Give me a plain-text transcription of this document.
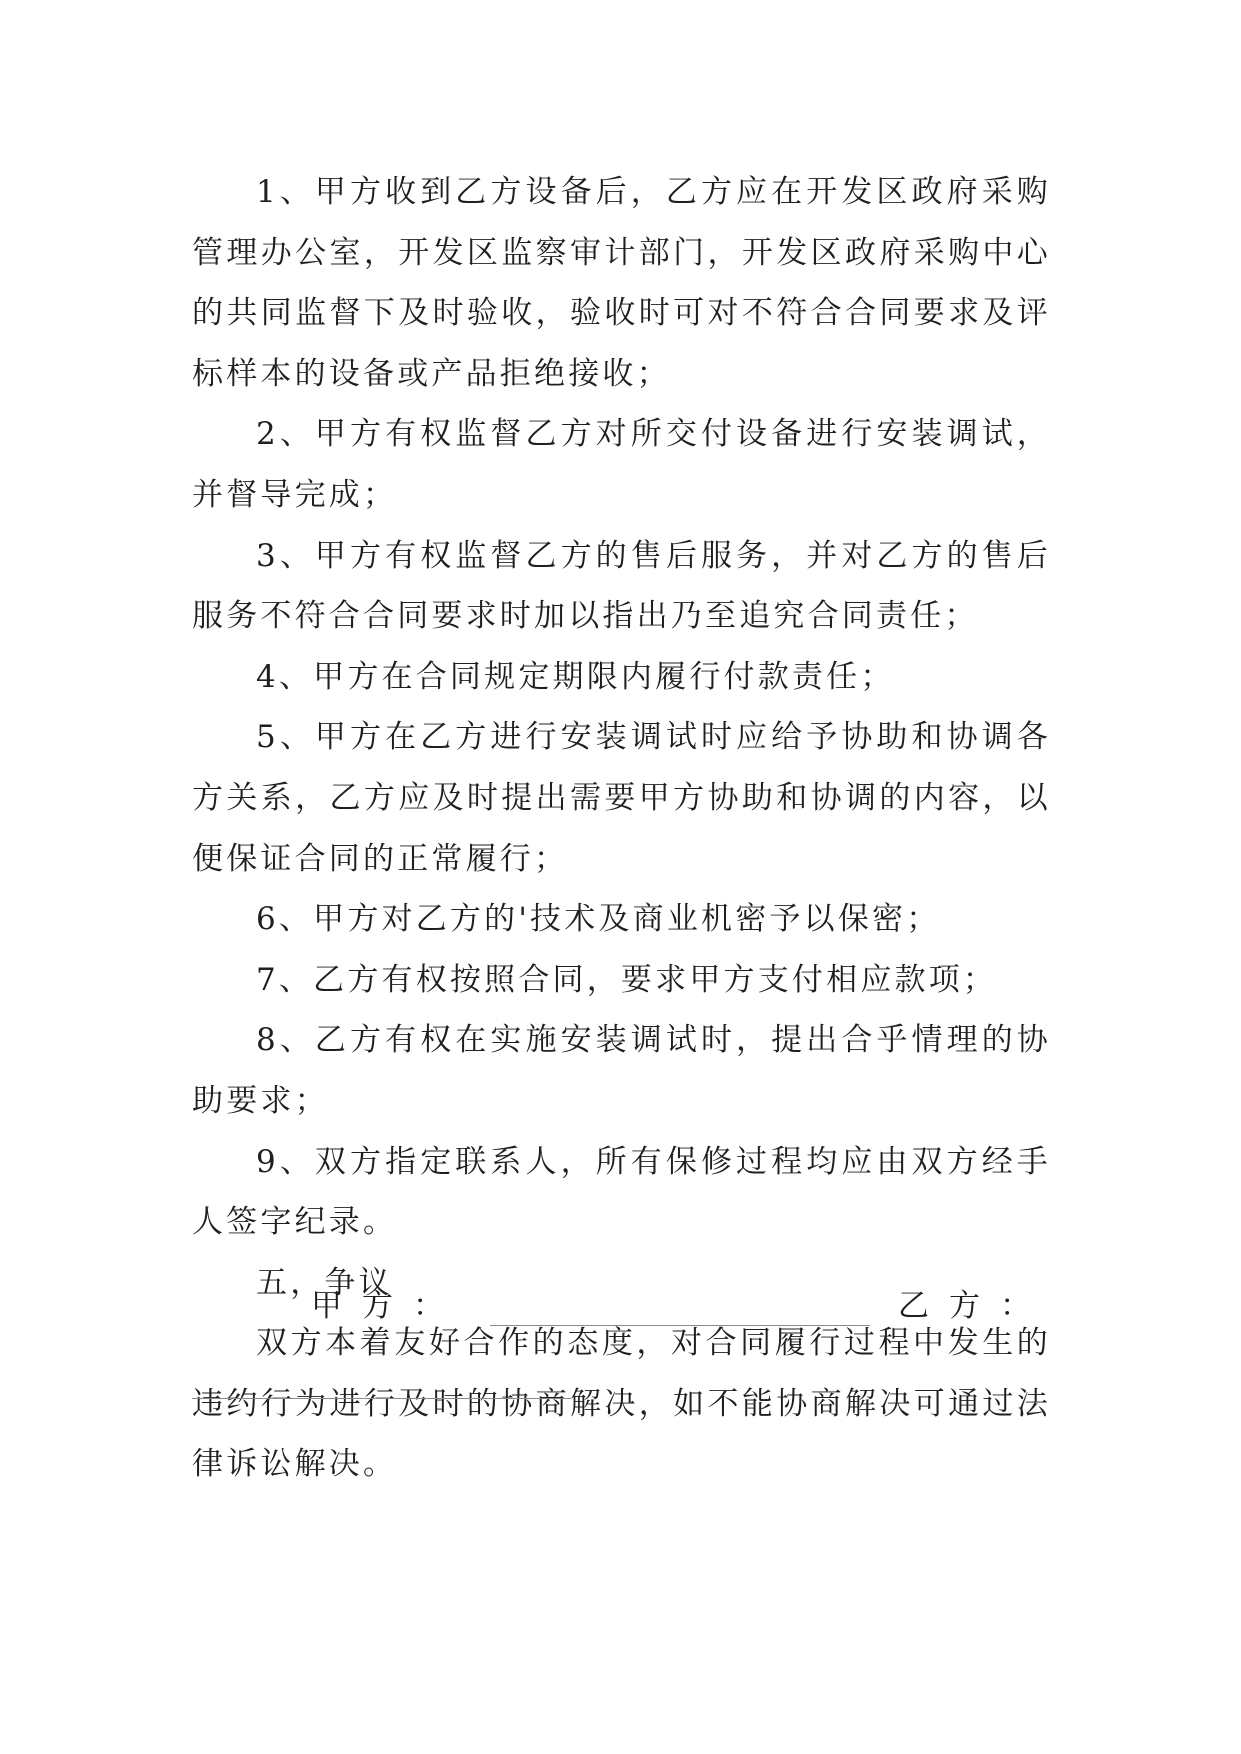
1、甲方收到乙方设备后，乙方应在开发区政府采购管理办公室，开发区监察审计部门，开发区政府采购中心的共同监督下及时验收，验收时可对不符合合同要求及评标样本的设备或产品拒绝接收；

2、甲方有权监督乙方对所交付设备进行安装调试，并督导完成；

3、甲方有权监督乙方的售后服务，并对乙方的售后服务不符合合同要求时加以指出乃至追究合同责任；

4、甲方在合同规定期限内履行付款责任；

5、甲方在乙方进行安装调试时应给予协助和协调各方关系，乙方应及时提出需要甲方协助和协调的内容，以便保证合同的正常履行；

6、甲方对乙方的'技术及商业机密予以保密；

7、乙方有权按照合同，要求甲方支付相应款项；

8、乙方有权在实施安装调试时，提出合乎情理的协助要求；

9、双方指定联系人，所有保修过程均应由双方经手人签字纪录。

五，争议

双方本着友好合作的态度，对合同履行过程中发生的违约行为进行及时的协商解决，如不能协商解决可通过法律诉讼解决。

甲方：	乙方：
